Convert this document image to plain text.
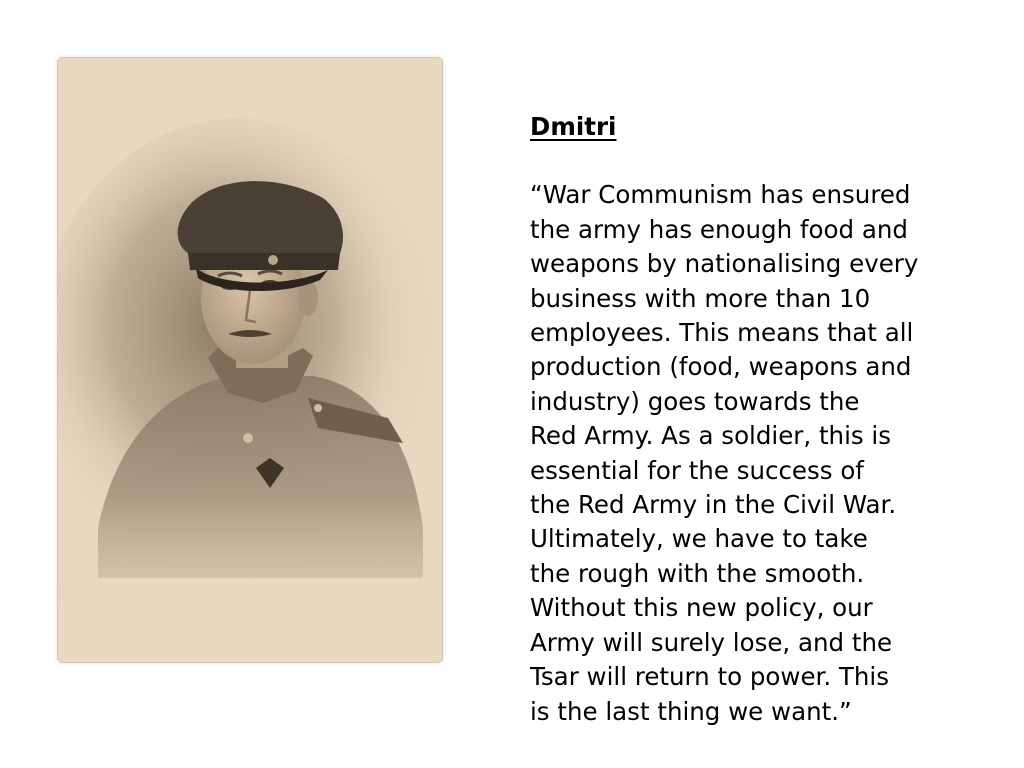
Dmitri

“War Communism has ensured
the army has enough food and
weapons by nationalising every
business with more than 10
employees. This means that all
production (food, weapons and
industry) goes towards the
Red Army. As a soldier, this is
essential for the success of
the Red Army in the Civil War.
Ultimately, we have to take
the rough with the smooth.
Without this new policy, our
Army will surely lose, and the
Tsar will return to power. This
is the last thing we want.”
